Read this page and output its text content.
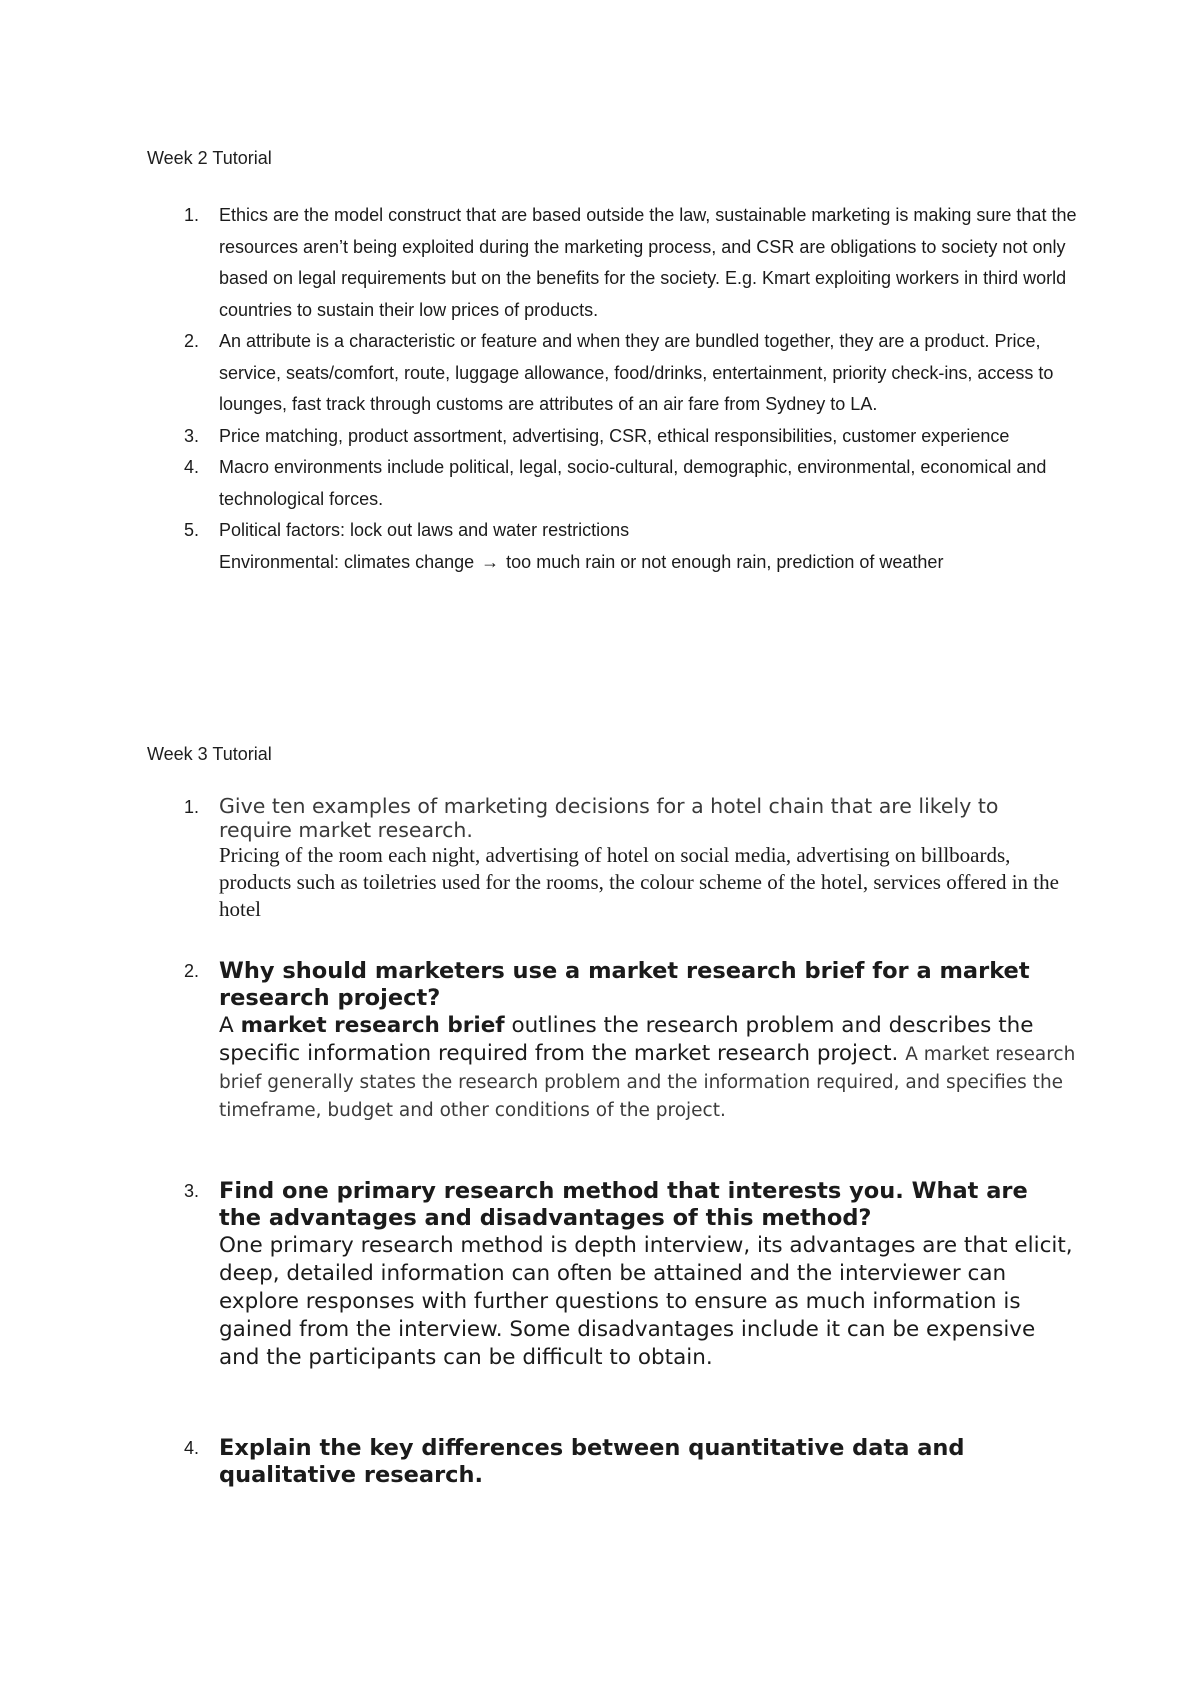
Week 2 Tutorial
1. Ethics are the model construct that are based outside the law, sustainable marketing is making sure that the resources aren’t being exploited during the marketing process, and CSR are obligations to society not only based on legal requirements but on the benefits for the society. E.g. Kmart exploiting workers in third world countries to sustain their low prices of products.
2. An attribute is a characteristic or feature and when they are bundled together, they are a product. Price, service, seats/comfort, route, luggage allowance, food/drinks, entertainment, priority check-ins, access to lounges, fast track through customs are attributes of an air fare from Sydney to LA.
3. Price matching, product assortment, advertising, CSR, ethical responsibilities, customer experience
4. Macro environments include political, legal, socio-cultural, demographic, environmental, economical and technological forces.
5. Political factors: lock out laws and water restrictions
Environmental: climates change → too much rain or not enough rain, prediction of weather
Week 3 Tutorial
1. Give ten examples of marketing decisions for a hotel chain that are likely to require market research.

Pricing of the room each night, advertising of hotel on social media, advertising on billboards, products such as toiletries used for the rooms, the colour scheme of the hotel, services offered in the hotel

2. Why should marketers use a market research brief for a market research project?

A market research brief outlines the research problem and describes the specific information required from the market research project. A market research brief generally states the research problem and the information required, and specifies the timeframe, budget and other conditions of the project.

3. Find one primary research method that interests you. What are the advantages and disadvantages of this method?

One primary research method is depth interview, its advantages are that elicit, deep, detailed information can often be attained and the interviewer can explore responses with further questions to ensure as much information is gained from the interview. Some disadvantages include it can be expensive and the participants can be difficult to obtain.

4. Explain the key differences between quantitative data and qualitative research.
